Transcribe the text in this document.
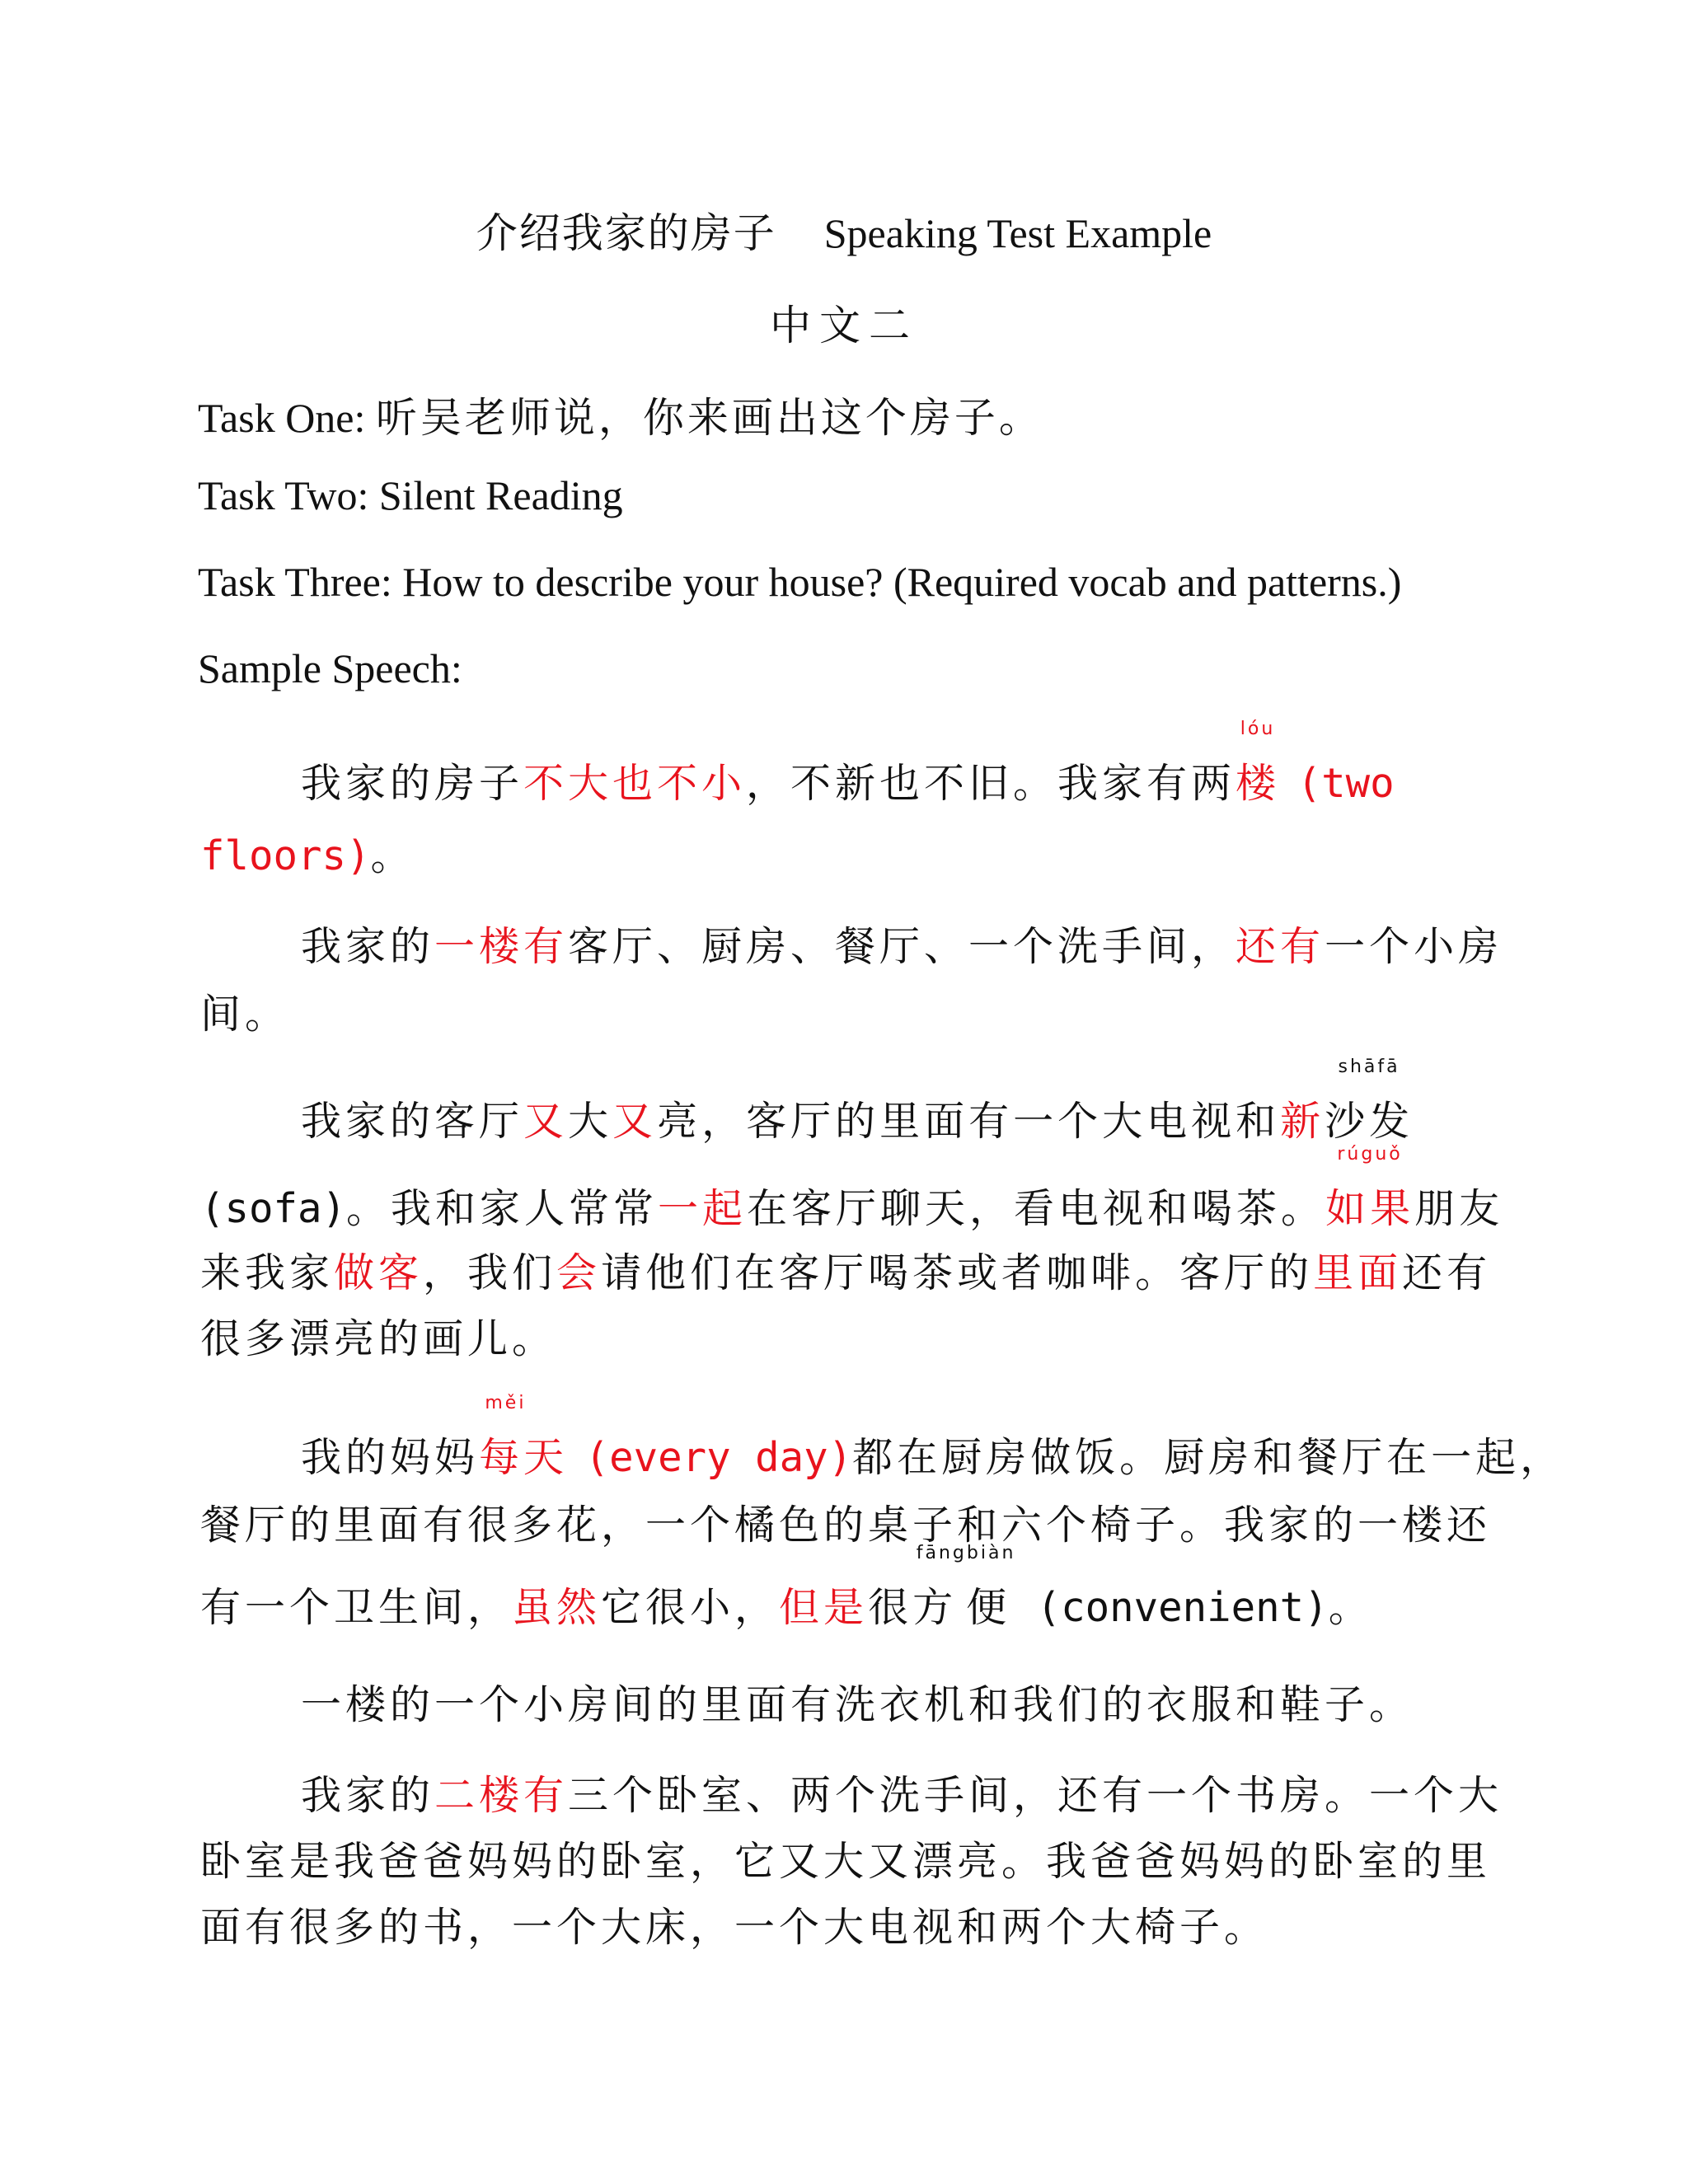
介绍我家的房子 Speaking Test Example
中文二
Task One: 听吴老师说，你来画出这个房子。
Task Two: Silent Reading
Task Three: How to describe your house? (Required vocab and patterns.)
Sample Speech:
我家的房子不大也不小，不新也不旧。我家有两
lóu
楼 (two
floors)。
我家的一楼有客厅、厨房、餐厅、一个洗手间，还有一个小房
间。
我家的客厅又大又亮，客厅的里面有一个大电视和新
shāfā
沙发
(sofa)。我和家人常常一起在客厅聊天，看电视和喝茶。
rúguǒ
如果朋友
来我家做客，我们会请他们在客厅喝茶或者咖啡。客厅的里面还有
很多漂亮的画儿。
我的妈妈
měi
每天 (every day)都在厨房做饭。厨房和餐厅在一起，
餐厅的里面有很多花，一个橘色的桌子和六个椅子。我家的一楼还
有一个卫生间，虽然它很小，但是很
fāngbiàn
方便 (convenient)。
一楼的一个小房间的里面有洗衣机和我们的衣服和鞋子。
我家的二楼有三个卧室、两个洗手间，还有一个书房。一个大
卧室是我爸爸妈妈的卧室，它又大又漂亮。我爸爸妈妈的卧室的里
面有很多的书，一个大床，一个大电视和两个大椅子。
